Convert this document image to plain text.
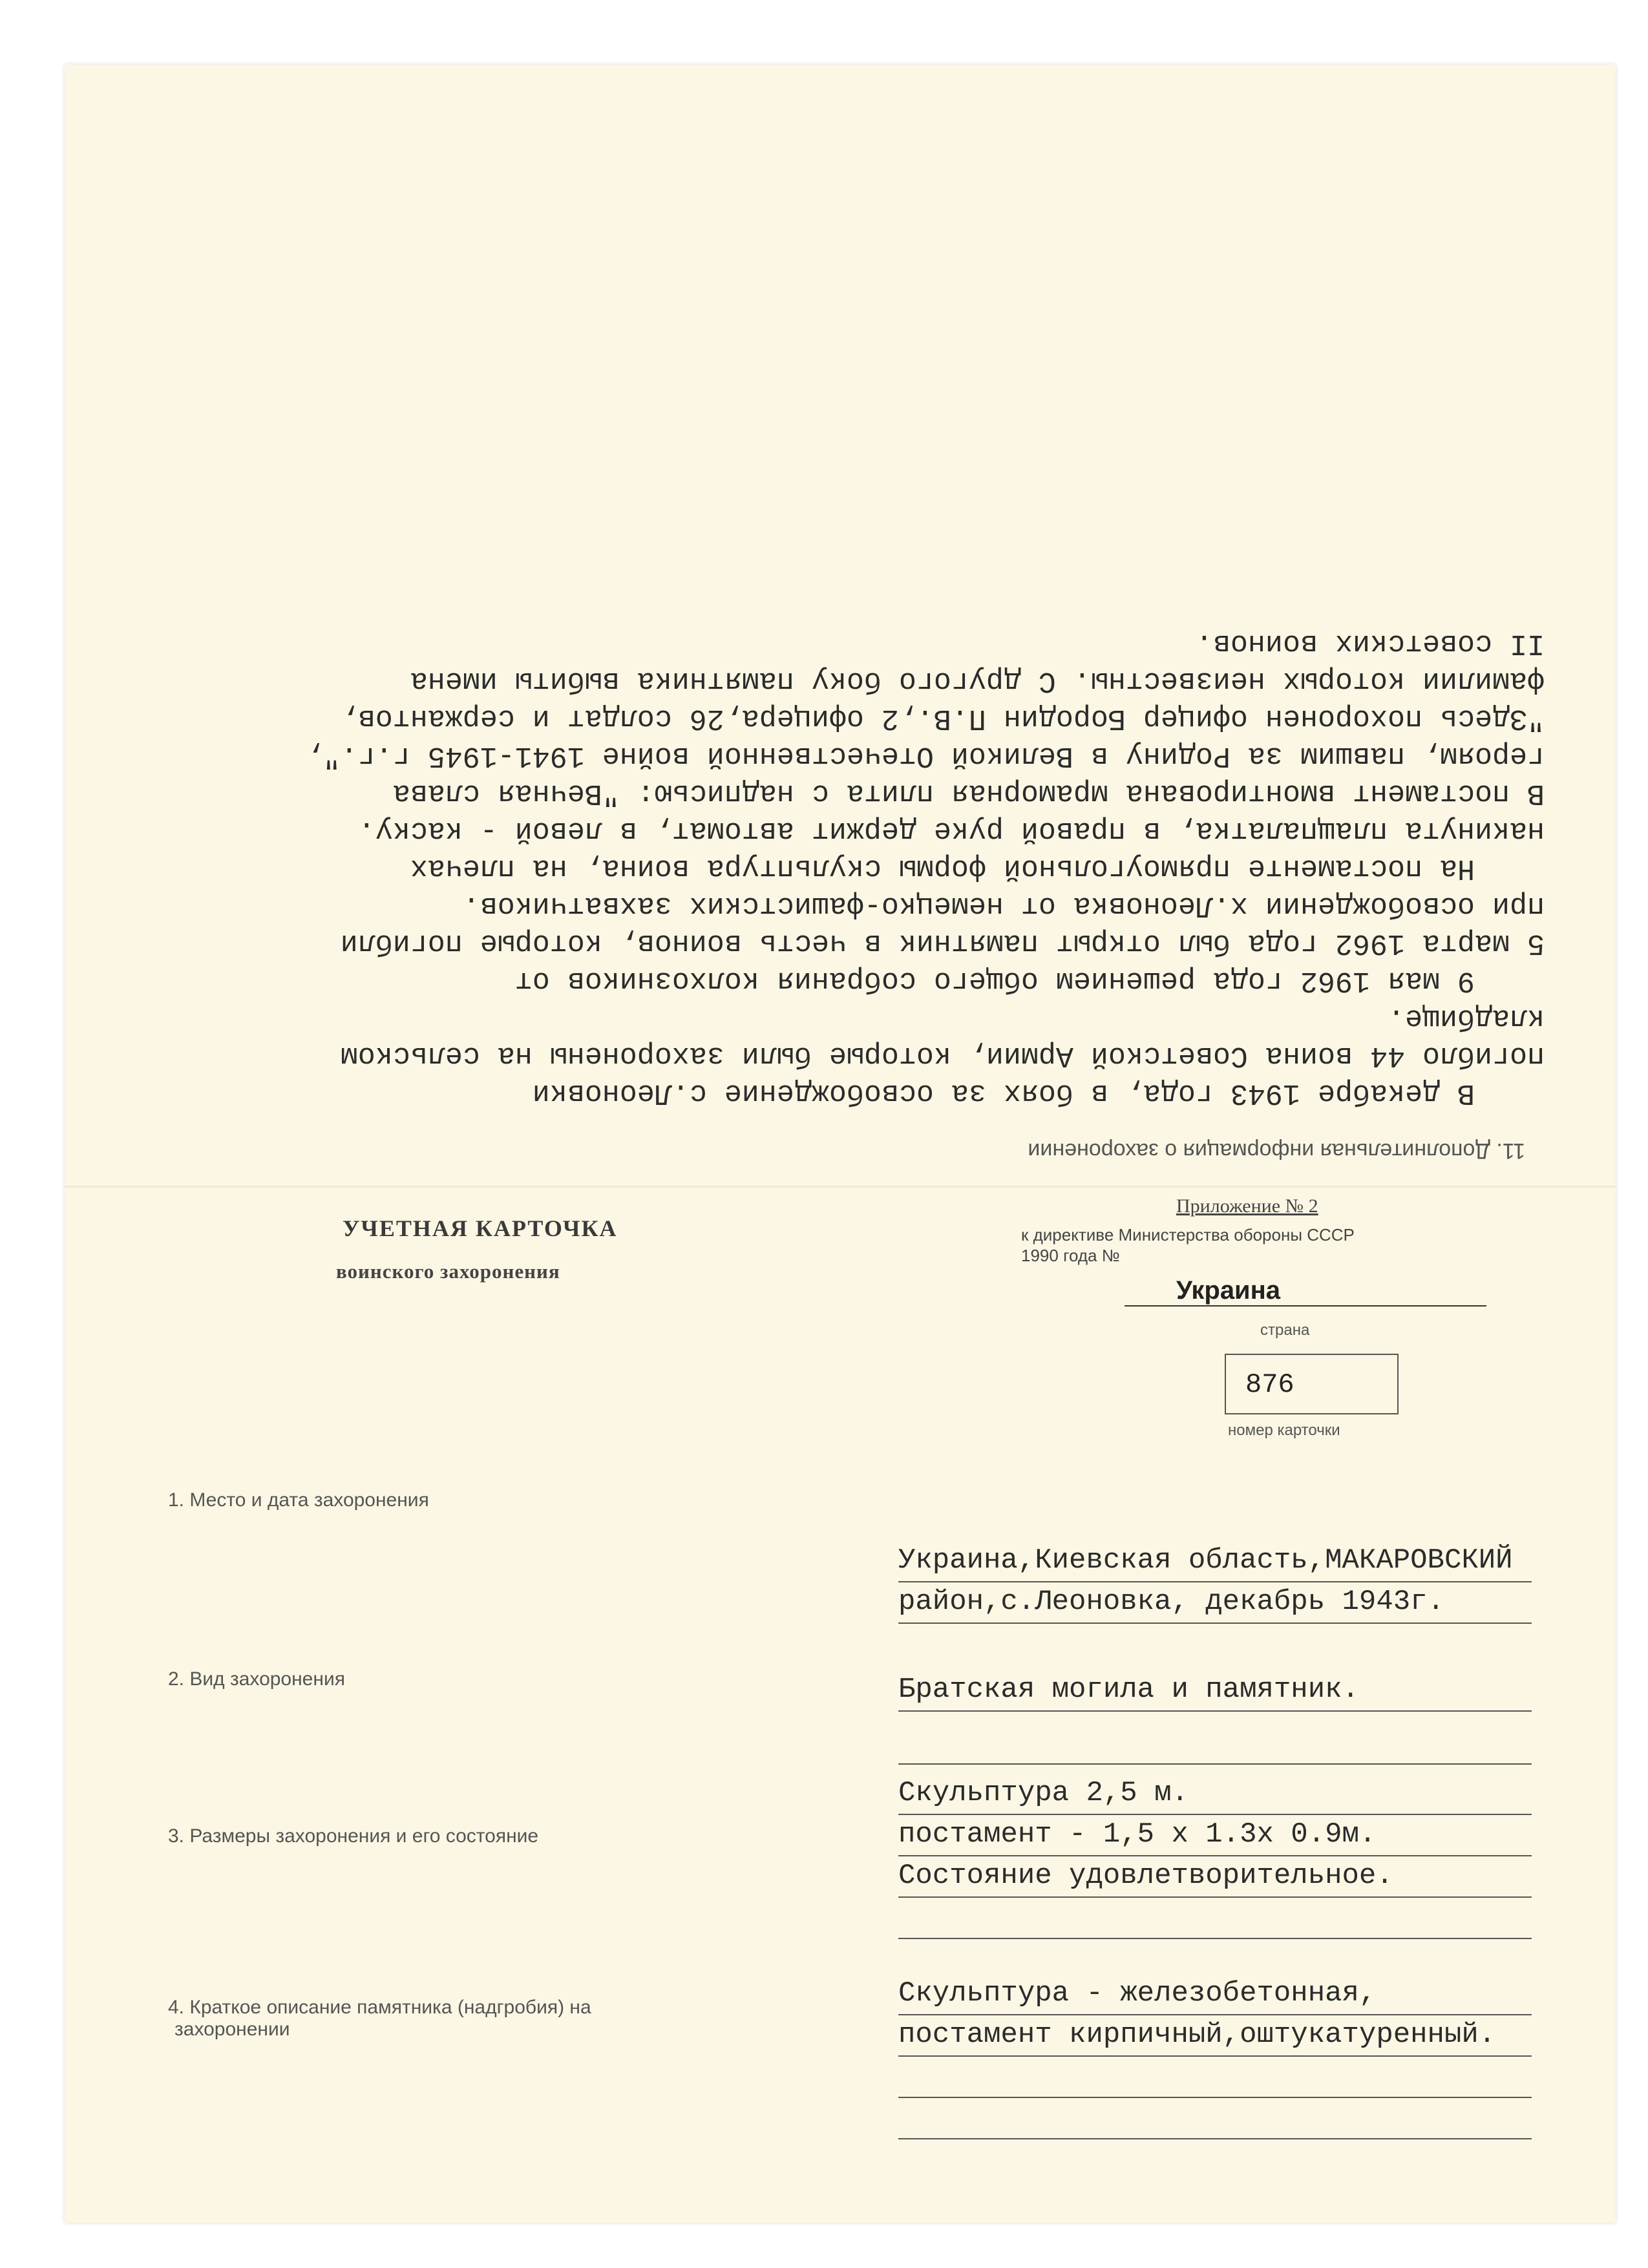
11. Дополнительная информация о захоронении
В декабре 1943 года, в боях за освобождение с.Леоновки
погибло 44 воина Советской Армии, которые были захоронены на сельском
кладбище.
9 мая 1962 года решением общего собрания колхозников от
5 марта 1962 года был открыт памятник в честь воинов, которые погибли
при освобождении х.Леоновка от немецко-фашистских захватчиков.
На постаменте прямоугольной формы скульптура воина, на плечах
накинута плащпалатка, в правой руке держит автомат, в левой - каску.
В постамент вмонтирована мраморная плита с надписью: "Вечная слава
героям, павшим за Родину в Великой Отечественной войне 1941-1945 г.г.",
"Здесь похоронен офицер Бородин П.В.,2 офицера,26 солдат и сержантов,
фамилии которых неизвестны. С другого боку памятника выбиты имена
II советских воинов.
УЧЕТНАЯ КАРТОЧКА
воинского захоронения
Приложение № 2
к директиве Министерства обороны СССР
1990 года №
Украина
страна
876
номер карточки
1. Место и дата захоронения
Украина,Киевская область,МАКАРОВСКИЙ
район,с.Леоновка, декабрь 1943г.
2. Вид захоронения	Братская могила и памятник.
3. Размеры захоронения и его состояние
Скульптура 2,5 м.
постамент - 1,5 х 1.3х 0.9м.
Состояние удовлетворительное.
4. Краткое описание памятника (надгробия) на
захоронении
Скульптура - железобетонная,
постамент кирпичный,оштукатуренный.
